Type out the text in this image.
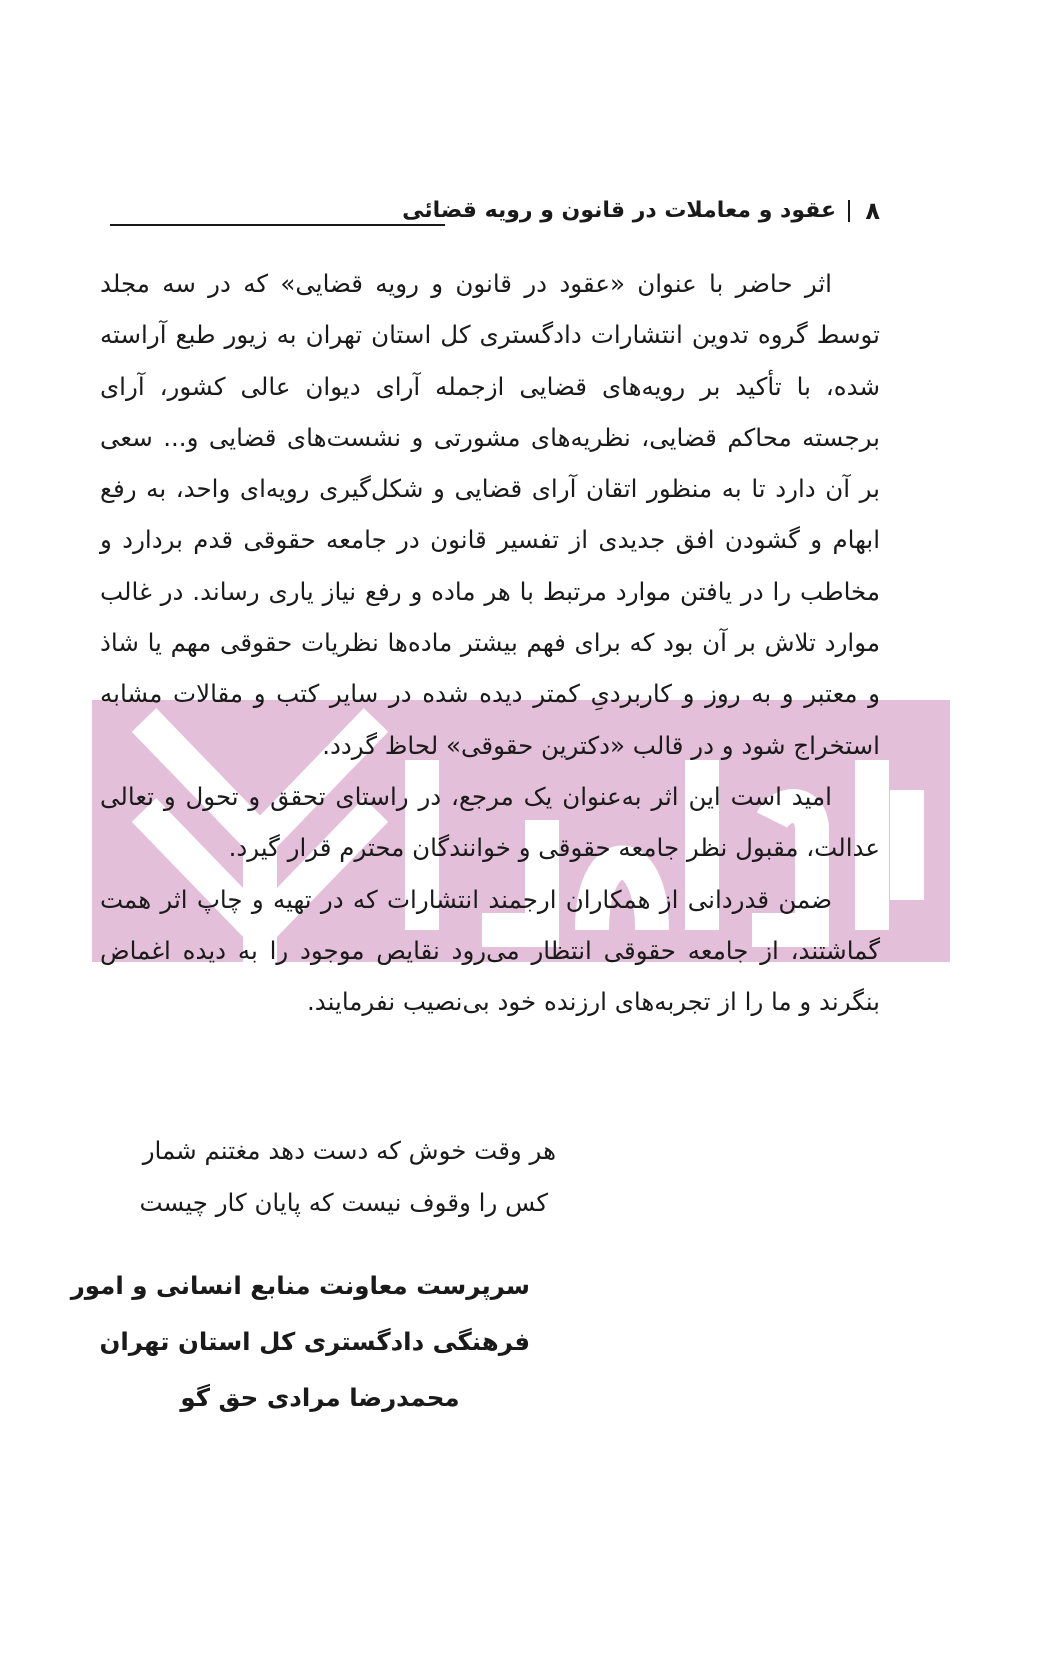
۸
عقود و معاملات در قانون و رویه قضائی

اثر حاضر با عنوان «عقود در قانون و رویه قضایی» که در سه مجلد توسط گروه تدوین انتشارات دادگستری کل استان تهران به زیور طبع آراسته شده، با تأکید بر رویه‌های قضایی ازجمله آرای دیوان عالی کشور، آرای برجسته محاکم قضایی، نظریه‌های مشورتی و نشست‌های قضایی و... سعی بر آن دارد تا به منظور اتقان آرای قضایی و شکل‌گیری رویه‌ای واحد، به رفع ابهام و گشودن افق جدیدی از تفسیر قانون در جامعه حقوقی قدم بردارد و مخاطب را در یافتن موارد مرتبط با هر ماده و رفع نیاز یاری رساند. در غالب موارد تلاش بر آن بود که برای فهم بیشتر ماده‌ها نظریات حقوقی مهم یا شاذ و معتبر و به روز و کاربردیِ کمتر دیده شده در سایر کتب و مقالات مشابه استخراج شود و در قالب «دکترین حقوقی» لحاظ گردد.

امید است این اثر به‌عنوان یک مرجع، در راستای تحقق و تحول و تعالی عدالت، مقبول نظر جامعه حقوقی و خوانندگان محترم قرار گیرد.

ضمن قدردانی از همکاران ارجمند انتشارات که در تهیه و چاپ اثر همت گماشتند، از جامعه حقوقی انتظار می‌رود نقایص موجود را به دیده اغماض بنگرند و ما را از تجربه‌های ارزنده خود بی‌نصیب نفرمایند.

هر وقت خوش که دست دهد مغتنم شمار
کس را وقوف نیست که پایان کار چیست
سرپرست معاونت منابع انسانی و امور
فرهنگی دادگستری کل استان تهران
محمدرضا مرادی حق گو
